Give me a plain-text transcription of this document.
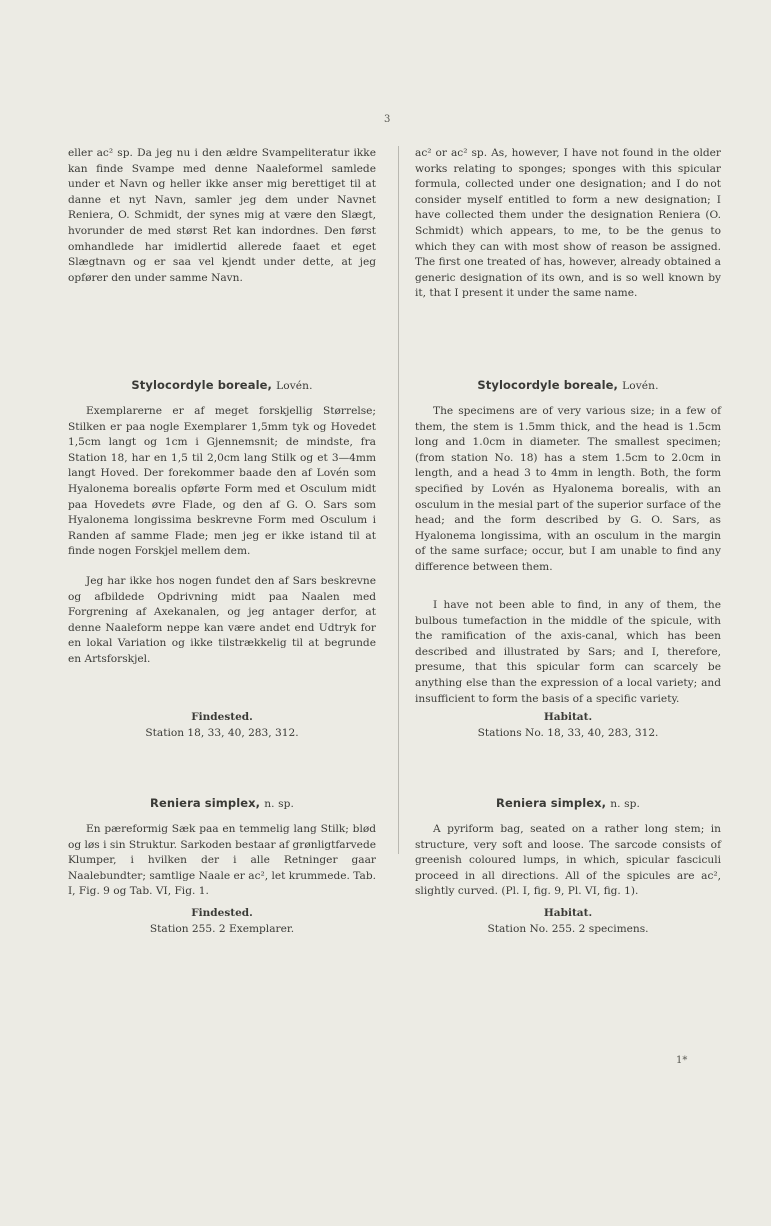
3

eller ac² sp. Da jeg nu i den ældre Svampeliteratur ikke kan finde Svampe med denne Naaleformel samlede under et Navn og heller ikke anser mig berettiget til at danne et nyt Navn, samler jeg dem under Navnet Reniera, O. Schmidt, der synes mig at være den Slægt, hvorunder de med størst Ret kan indordnes. Den først omhandlede har imidlertid allerede faaet et eget Slægtnavn og er saa vel kjendt under dette, at jeg opfører den under samme Navn.

Stylocordyle boreale, Lovén.

Exemplarerne er af meget forskjellig Størrelse; Stilken er paa nogle Exemplarer 1,5mm tyk og Hovedet 1,5cm langt og 1cm i Gjennemsnit; de mindste, fra Station 18, har en 1,5 til 2,0cm lang Stilk og et 3—4mm langt Hoved. Der forekommer baade den af Lovén som Hyalonema borealis opførte Form med et Osculum midt paa Hovedets øvre Flade, og den af G. O. Sars som Hyalonema longissima beskrevne Form med Osculum i Randen af samme Flade; men jeg er ikke istand til at finde nogen Forskjel mellem dem.

Jeg har ikke hos nogen fundet den af Sars beskrevne og afbildede Opdrivning midt paa Naalen med Forgrening af Axekanalen, og jeg antager derfor, at denne Naaleform neppe kan være andet end Udtryk for en lokal Variation og ikke tilstrækkelig til at begrunde en Artsforskjel.

Findested.

Station 18, 33, 40, 283, 312.

Reniera simplex, n. sp.

En pæreformig Sæk paa en temmelig lang Stilk; blød og løs i sin Struktur. Sarkoden bestaar af grønligtfarvede Klumper, i hvilken der i alle Retninger gaar Naalebundter; samtlige Naale er ac², let krummede. Tab. I, Fig. 9 og Tab. VI, Fig. 1.

Findested.

Station 255. 2 Exemplarer.

ac² or ac² sp. As, however, I have not found in the older works relating to sponges; sponges with this spicular formula, collected under one designation; and I do not consider myself entitled to form a new designation; I have collected them under the designation Reniera (O. Schmidt) which appears, to me, to be the genus to which they can with most show of reason be assigned. The first one treated of has, however, already obtained a generic designation of its own, and is so well known by it, that I present it under the same name.

Stylocordyle boreale, Lovén.

The specimens are of very various size; in a few of them, the stem is 1.5mm thick, and the head is 1.5cm long and 1.0cm in diameter. The smallest specimen; (from station No. 18) has a stem 1.5cm to 2.0cm in length, and a head 3 to 4mm in length. Both, the form specified by Lovén as Hyalonema borealis, with an osculum in the mesial part of the superior surface of the head; and the form described by G. O. Sars, as Hyalonema longissima, with an osculum in the margin of the same surface; occur, but I am unable to find any difference between them.

I have not been able to find, in any of them, the bulbous tumefaction in the middle of the spicule, with the ramification of the axis-canal, which has been described and illustrated by Sars; and I, therefore, presume, that this spicular form can scarcely be anything else than the expression of a local variety; and insufficient to form the basis of a specific variety.

Habitat.

Stations No. 18, 33, 40, 283, 312.

Reniera simplex, n. sp.

A pyriform bag, seated on a rather long stem; in structure, very soft and loose. The sarcode consists of greenish coloured lumps, in which, spicular fasciculi proceed in all directions. All of the spicules are ac², slightly curved. (Pl. I, fig. 9, Pl. VI, fig. 1).

Habitat.

Station No. 255. 2 specimens.

1*
